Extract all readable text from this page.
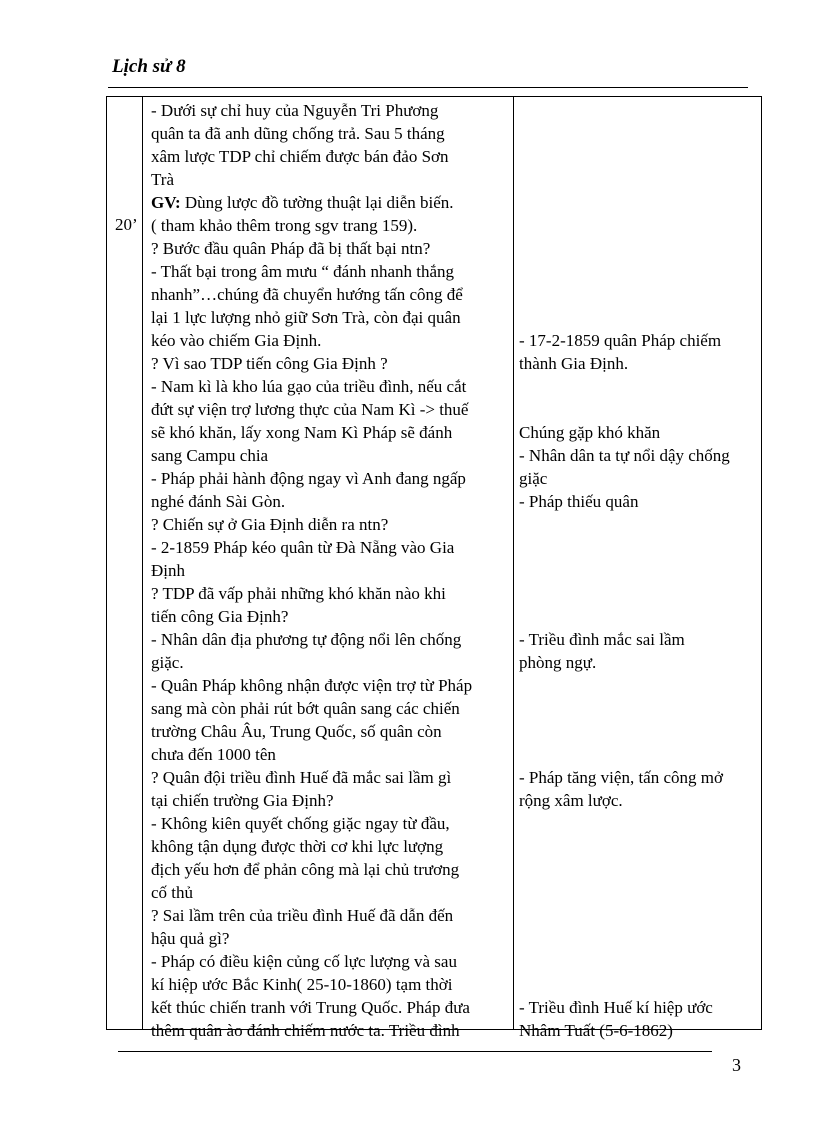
Lịch sử 8
20’
- Dưới sự chỉ huy của Nguyễn Tri Phương
quân ta đã anh dũng chống trả. Sau 5 tháng
xâm lược TDP chỉ chiếm được bán đảo Sơn
Trà
GV: Dùng lược đồ tường thuật lại diễn biến.
( tham khảo thêm trong sgv trang 159).
? Bước đầu quân Pháp đã bị thất bại ntn?
- Thất bại trong âm mưu “ đánh nhanh thắng
nhanh”…chúng đã chuyển hướng tấn công để
lại 1 lực lượng nhỏ giữ Sơn Trà, còn đại quân
kéo vào chiếm Gia Định.
? Vì sao TDP tiến công Gia Định ?
- Nam kì là kho lúa gạo của triều đình, nếu cắt
đứt sự viện trợ lương thực của Nam Kì -> thuế
sẽ khó khăn, lấy xong Nam Kì Pháp sẽ đánh
sang Campu chia
- Pháp phải hành động ngay vì Anh đang ngấp
nghé đánh Sài Gòn.
? Chiến sự ở Gia Định diễn ra ntn?
- 2-1859 Pháp kéo quân từ Đà Nẵng vào Gia
Định
? TDP đã vấp phải những khó khăn nào khi
tiến công Gia Định?
- Nhân dân địa phương tự động nổi lên chống
giặc.
- Quân Pháp không nhận được viện trợ từ Pháp
sang mà còn phải rút bớt quân sang các chiến
trường Châu Âu, Trung Quốc, số quân còn
chưa đến 1000 tên
? Quân đội triều đình Huế đã mắc sai lầm gì
tại chiến trường Gia Định?
- Không kiên quyết chống giặc ngay từ đầu,
không tận dụng được thời cơ khi lực lượng
địch yếu hơn để phản công mà lại chủ trương
cố thủ
? Sai lầm trên của triều đình Huế đã dẫn đến
hậu quả gì?
- Pháp có điều kiện củng cố lực lượng và sau
kí hiệp ước Bắc Kinh( 25-10-1860) tạm thời
kết thúc chiến tranh với Trung Quốc. Pháp đưa
thêm quân ào đánh chiếm nước ta. Triều đình
- 17-2-1859 quân Pháp chiếm
thành Gia Định.
Chúng gặp khó khăn
- Nhân dân ta tự nổi dậy chống
giặc
- Pháp thiếu quân
- Triều đình mắc sai lầm
phòng ngự.
- Pháp tăng viện, tấn công mở
rộng xâm lược.
- Triều đình Huế kí hiệp ước
Nhâm Tuất (5-6-1862)
3
